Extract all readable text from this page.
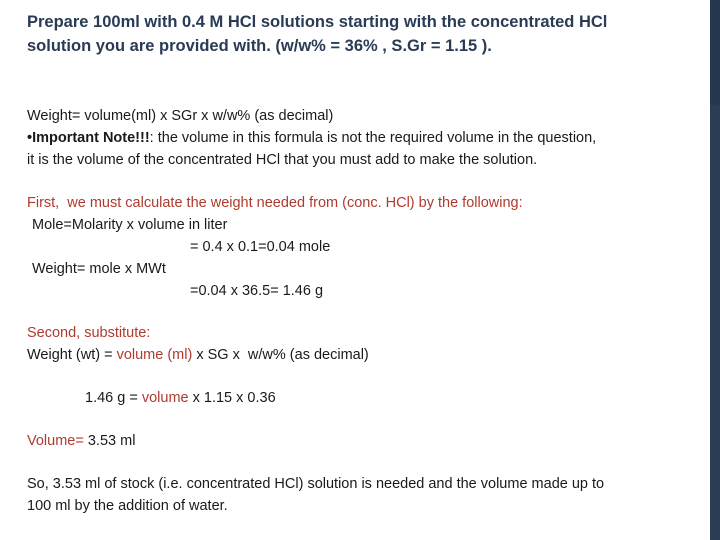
Prepare 100ml with 0.4 M HCl solutions starting with the concentrated HCl
solution you are provided with. (w/w% = 36% , S.Gr = 1.15 ).
Weight= volume(ml) x SGr x w/w% (as decimal)
•Important Note!!!: the volume in this formula is not the required volume in the question,
it is the volume of the concentrated HCl that you must add to make the solution.
First,  we must calculate the weight needed from (conc. HCl) by the following:
Mole=Molarity x volume in liter
= 0.4 x 0.1=0.04 mole
Weight= mole x MWt
=0.04 x 36.5= 1.46 g
Second, substitute:
Weight (wt) = volume (ml) x SG x  w/w% (as decimal)
1.46 g = volume x 1.15 x 0.36
Volume= 3.53 ml
So, 3.53 ml of stock (i.e. concentrated HCl) solution is needed and the volume made up to
100 ml by the addition of water.
